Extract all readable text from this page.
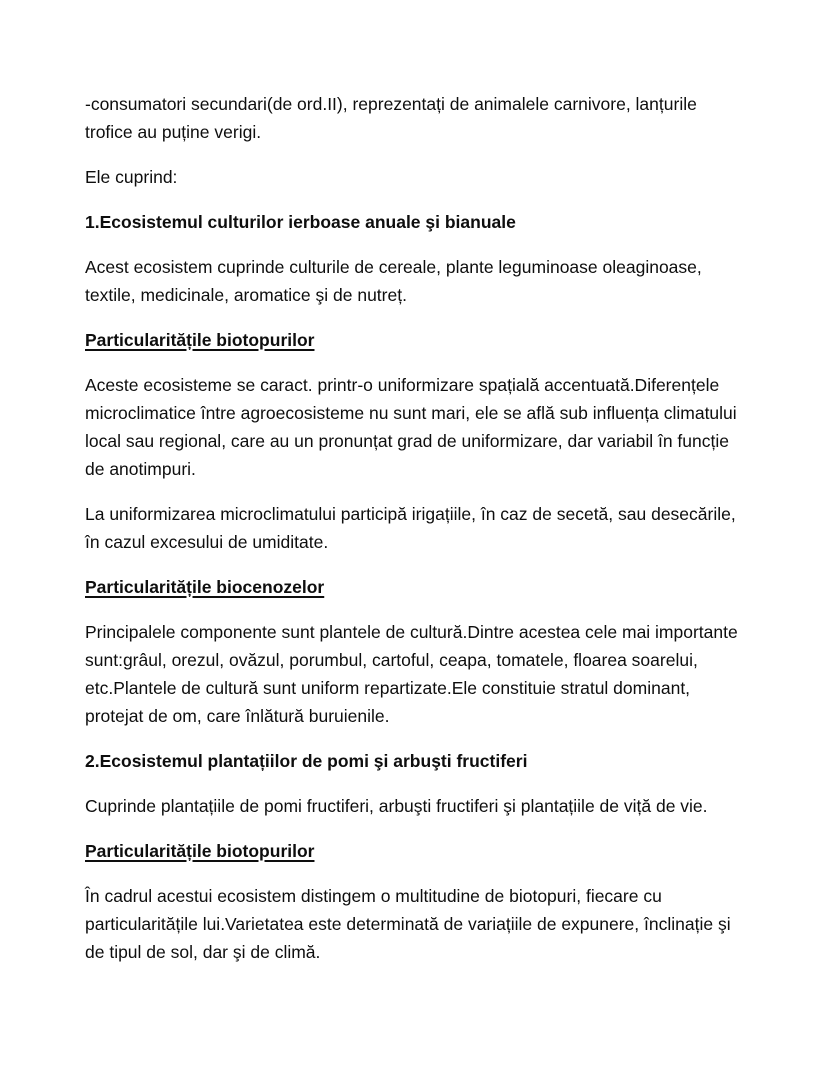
-consumatori secundari(de ord.II), reprezentați de animalele carnivore, lanțurile trofice au puține verigi.

Ele cuprind:

1.Ecosistemul culturilor ierboase anuale şi bianuale

Acest ecosistem cuprinde culturile de cereale, plante leguminoase oleaginoase, textile, medicinale, aromatice şi de nutreț.

Particularitățile biotopurilor

Aceste ecosisteme se caract. printr-o uniformizare spațială accentuată.Diferențele microclimatice între agroecosisteme nu sunt mari, ele se află sub influența climatului local sau regional, care au un pronunțat grad de uniformizare, dar variabil în funcție de anotimpuri.

La uniformizarea microclimatului participă irigațiile, în caz de secetă, sau desecările, în cazul excesului de umiditate.

Particularitățile biocenozelor

Principalele componente sunt plantele de cultură.Dintre acestea cele mai importante sunt:grâul, orezul, ovăzul, porumbul, cartoful, ceapa, tomatele, floarea soarelui, etc.Plantele de cultură sunt uniform repartizate.Ele constituie stratul dominant, protejat de om, care înlătură buruienile.

2.Ecosistemul plantațiilor de pomi şi arbuşti fructiferi

Cuprinde plantațiile de pomi fructiferi, arbuşti fructiferi şi plantațiile de viță de vie.

Particularitățile biotopurilor

În cadrul acestui ecosistem distingem o multitudine de biotopuri, fiecare cu particularitățile lui.Varietatea este determinată de variațiile de expunere, înclinație şi de tipul de sol, dar şi de climă.
